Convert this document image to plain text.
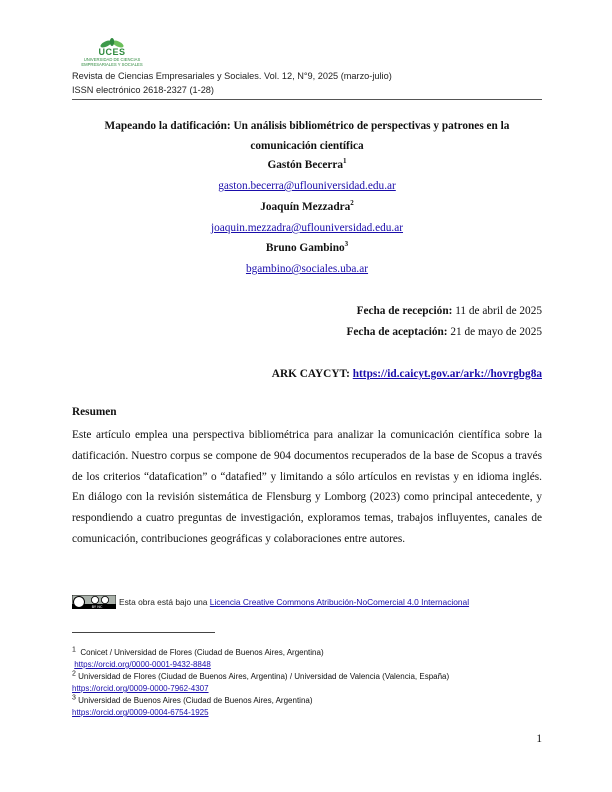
UCES
UNIVERSIDAD DE CIENCIAS
EMPRESARIALES Y SOCIALES
Revista de Ciencias Empresariales y Sociales. Vol. 12, N°9, 2025 (marzo-julio)
ISSN electrónico 2618-2327 (1-28)
Mapeando la datificación: Un análisis bibliométrico de perspectivas y patrones en la
comunicación científica
Gastón Becerra$^1$
gaston.becerra@uflouniversidad.edu.ar
Joaquín Mezzadra$^2$
joaquin.mezzadra@uflouniversidad.edu.ar
Bruno Gambino$^3$
bgambino@sociales.uba.ar
Fecha de recepción: 11 de abril de 2025
Fecha de aceptación: 21 de mayo de 2025
ARK CAYCYT: https://id.caicyt.gov.ar/ark://hovrgbg8a
Resumen
Este artículo emplea una perspectiva bibliométrica para analizar la comunicación científica sobre la datificación. Nuestro corpus se compone de 904 documentos recuperados de la base de Scopus a través de los criterios “datafication” o “datafied” y limitando a sólo artículos en revistas y en idioma inglés. En diálogo con la revisión sistemática de Flensburg y Lomborg (2023) como principal antecedente, y respondiendo a cuatro preguntas de investigación, exploramos temas, trabajos influyentes, canales de comunicación, contribuciones geográficas y colaboraciones entre autores.
BY NC
Esta obra está bajo una Licencia Creative Commons Atribución-NoComercial 4.0 Internacional
$^1$ Conicet / Universidad de Flores (Ciudad de Buenos Aires, Argentina)
https://orcid.org/0000-0001-9432-8848
$^2$ Universidad de Flores (Ciudad de Buenos Aires, Argentina) / Universidad de Valencia (Valencia, España)
https://orcid.org/0009-0000-7962-4307
$^3$ Universidad de Buenos Aires (Ciudad de Buenos Aires, Argentina)
https://orcid.org/0009-0004-6754-1925
1
